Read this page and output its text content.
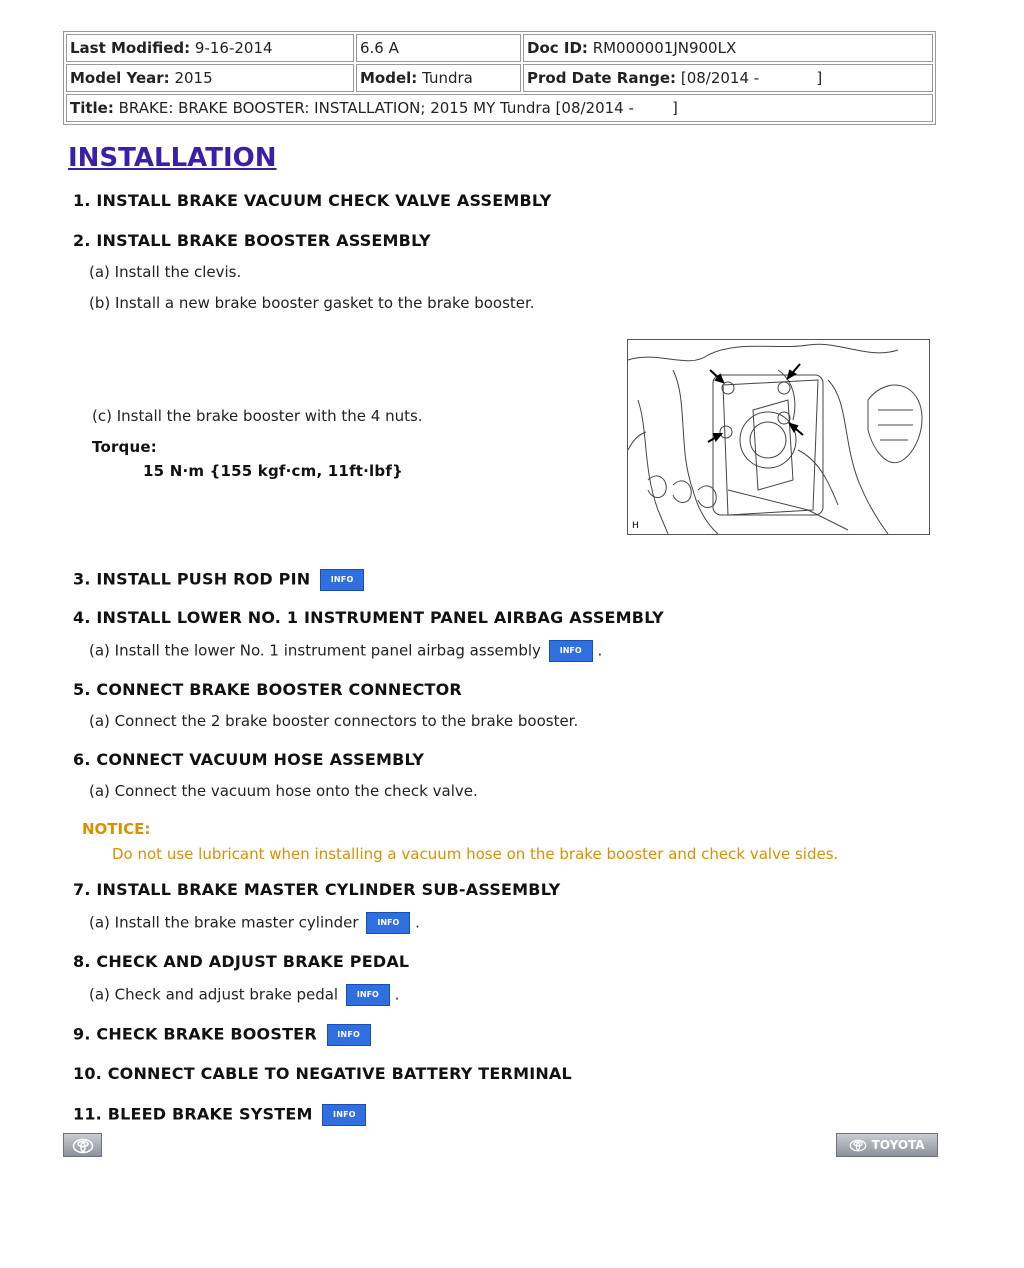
Last Modified: 9-16-2014	6.6 A	Doc ID: RM000001JN900LX
Model Year: 2015	Model: Tundra	Prod Date Range: [08/2014 -            ]
Title: BRAKE: BRAKE BOOSTER: INSTALLATION; 2015 MY Tundra [08/2014 -        ]		
INSTALLATION
1. INSTALL BRAKE VACUUM CHECK VALVE ASSEMBLY
2. INSTALL BRAKE BOOSTER ASSEMBLY
(a) Install the clevis.
(b) Install a new brake booster gasket to the brake booster.
(c) Install the brake booster with the 4 nuts.
Torque:
15 N·m {155 kgf·cm, 11ft·lbf}
H
3. INSTALL PUSH ROD PIN	INFO
4. INSTALL LOWER NO. 1 INSTRUMENT PANEL AIRBAG ASSEMBLY
(a) Install the lower No. 1 instrument panel airbag assembly INFO .
5. CONNECT BRAKE BOOSTER CONNECTOR
(a) Connect the 2 brake booster connectors to the brake booster.
6. CONNECT VACUUM HOSE ASSEMBLY
(a) Connect the vacuum hose onto the check valve.
NOTICE:
Do not use lubricant when installing a vacuum hose on the brake booster and check valve sides.
7. INSTALL BRAKE MASTER CYLINDER SUB-ASSEMBLY
(a) Install the brake master cylinder INFO .
8. CHECK AND ADJUST BRAKE PEDAL
(a) Check and adjust brake pedal INFO .
9. CHECK BRAKE BOOSTER	INFO
10. CONNECT CABLE TO NEGATIVE BATTERY TERMINAL
11. BLEED BRAKE SYSTEM	INFO
TOYOTA
